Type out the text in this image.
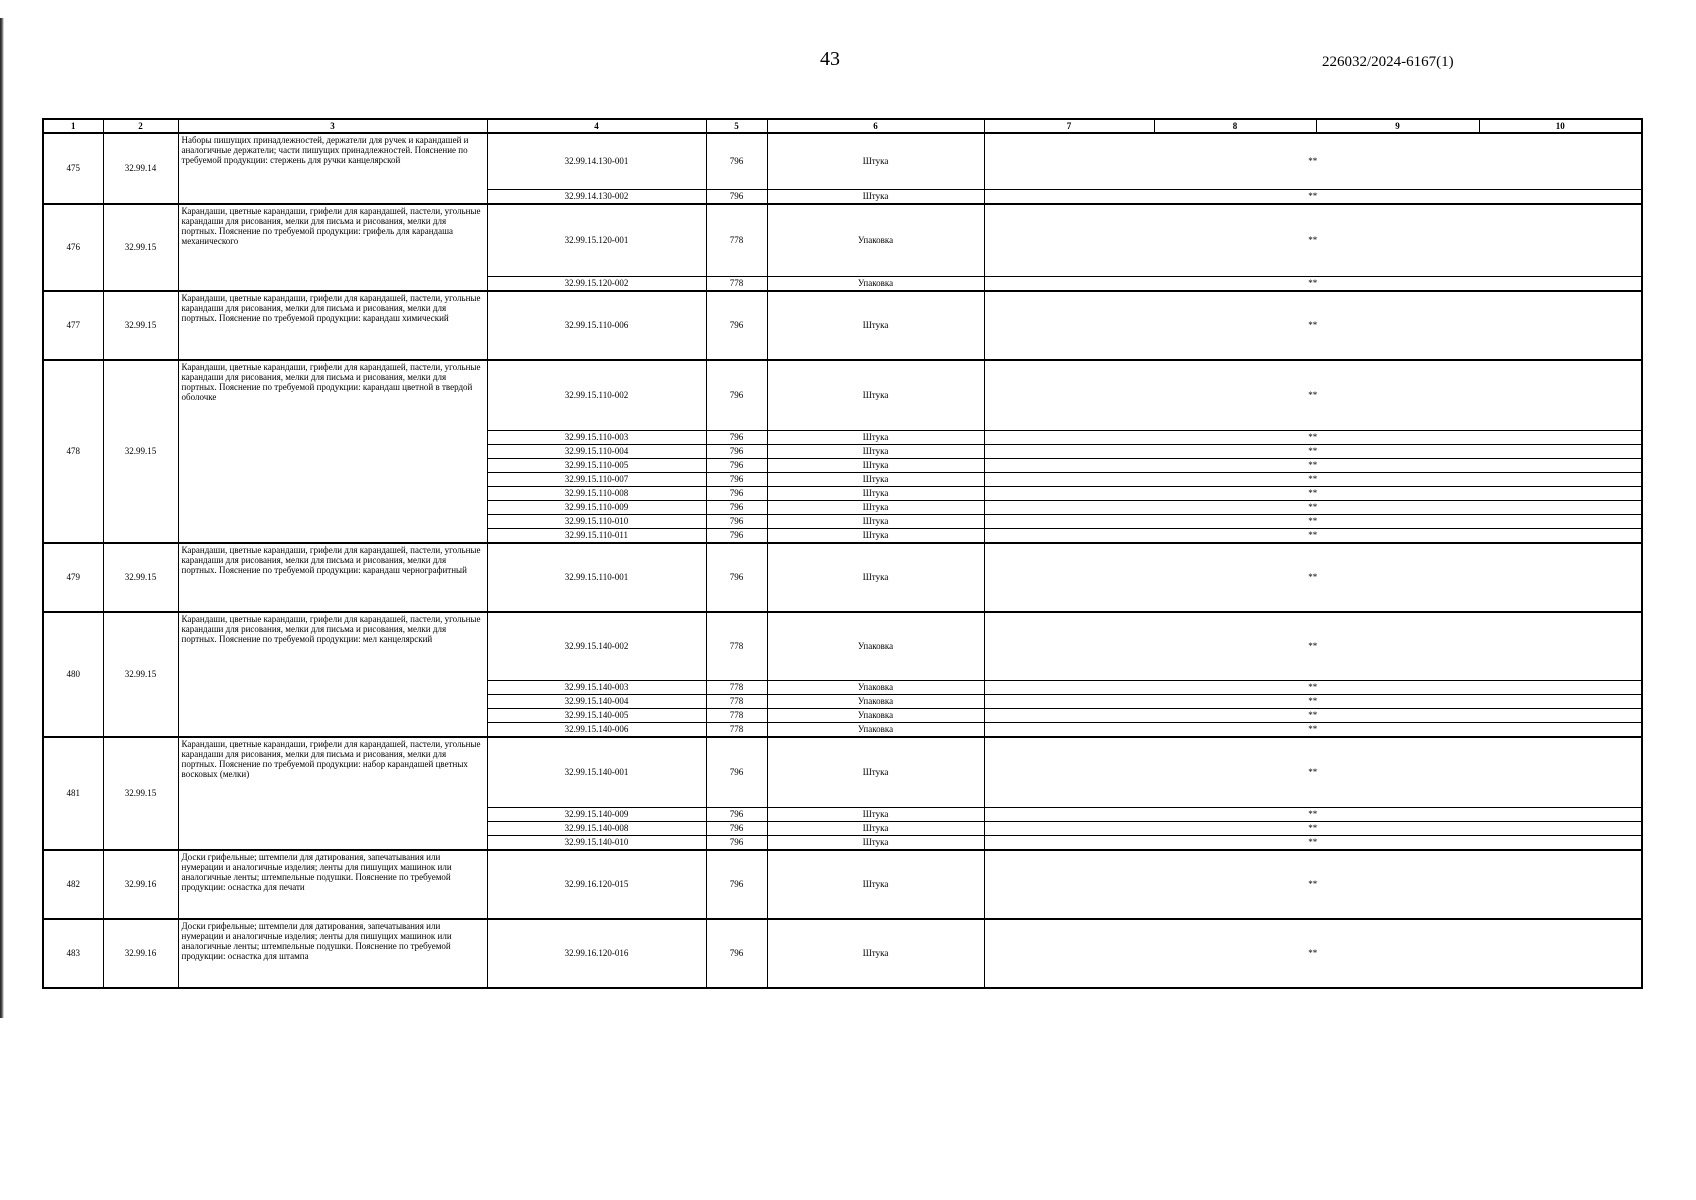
43	226032/2024-6167(1)
1	2	3	4	5	6	7	8	9	10
475	32.99.14	Наборы пишущих принадлежностей, держатели для ручек и карандашей и аналогичные держатели; части пишущих принадлежностей. Пояснение по требуемой продукции: стержень для ручки канцелярской	32.99.14.130-001	796	Штука	**			
			32.99.14.130-002	796	Штука	**			
476	32.99.15	Карандаши, цветные карандаши, грифели для карандашей, пастели, угольные карандаши для рисования, мелки для письма и рисования, мелки для портных. Пояснение по требуемой продукции: грифель для карандаша механического	32.99.15.120-001	778	Упаковка	**			
			32.99.15.120-002	778	Упаковка	**			
477	32.99.15	Карандаши, цветные карандаши, грифели для карандашей, пастели, угольные карандаши для рисования, мелки для письма и рисования, мелки для портных. Пояснение по требуемой продукции: карандаш химический	32.99.15.110-006	796	Штука	**			
478	32.99.15	Карандаши, цветные карандаши, грифели для карандашей, пастели, угольные карандаши для рисования, мелки для письма и рисования, мелки для портных. Пояснение по требуемой продукции: карандаш цветной в твердой оболочке	32.99.15.110-002	796	Штука	**			
			32.99.15.110-003	796	Штука	**			
			32.99.15.110-004	796	Штука	**			
			32.99.15.110-005	796	Штука	**			
			32.99.15.110-007	796	Штука	**			
			32.99.15.110-008	796	Штука	**			
			32.99.15.110-009	796	Штука	**			
			32.99.15.110-010	796	Штука	**			
			32.99.15.110-011	796	Штука	**			
479	32.99.15	Карандаши, цветные карандаши, грифели для карандашей, пастели, угольные карандаши для рисования, мелки для письма и рисования, мелки для портных. Пояснение по требуемой продукции: карандаш чернографитный	32.99.15.110-001	796	Штука	**			
480	32.99.15	Карандаши, цветные карандаши, грифели для карандашей, пастели, угольные карандаши для рисования, мелки для письма и рисования, мелки для портных. Пояснение по требуемой продукции: мел канцелярский	32.99.15.140-002	778	Упаковка	**			
			32.99.15.140-003	778	Упаковка	**			
			32.99.15.140-004	778	Упаковка	**			
			32.99.15.140-005	778	Упаковка	**			
			32.99.15.140-006	778	Упаковка	**			
481	32.99.15	Карандаши, цветные карандаши, грифели для карандашей, пастели, угольные карандаши для рисования, мелки для письма и рисования, мелки для портных. Пояснение по требуемой продукции: набор карандашей цветных восковых (мелки)	32.99.15.140-001	796	Штука	**			
			32.99.15.140-009	796	Штука	**			
			32.99.15.140-008	796	Штука	**			
			32.99.15.140-010	796	Штука	**			
482	32.99.16	Доски грифельные; штемпели для датирования, запечатывания или нумерации и аналогичные изделия; ленты для пишущих машинок или аналогичные ленты; штемпельные подушки. Пояснение по требуемой продукции: оснастка для печати	32.99.16.120-015	796	Штука	**			
483	32.99.16	Доски грифельные; штемпели для датирования, запечатывания или нумерации и аналогичные изделия; ленты для пишущих машинок или аналогичные ленты; штемпельные подушки. Пояснение по требуемой продукции: оснастка для штампа	32.99.16.120-016	796	Штука	**			
